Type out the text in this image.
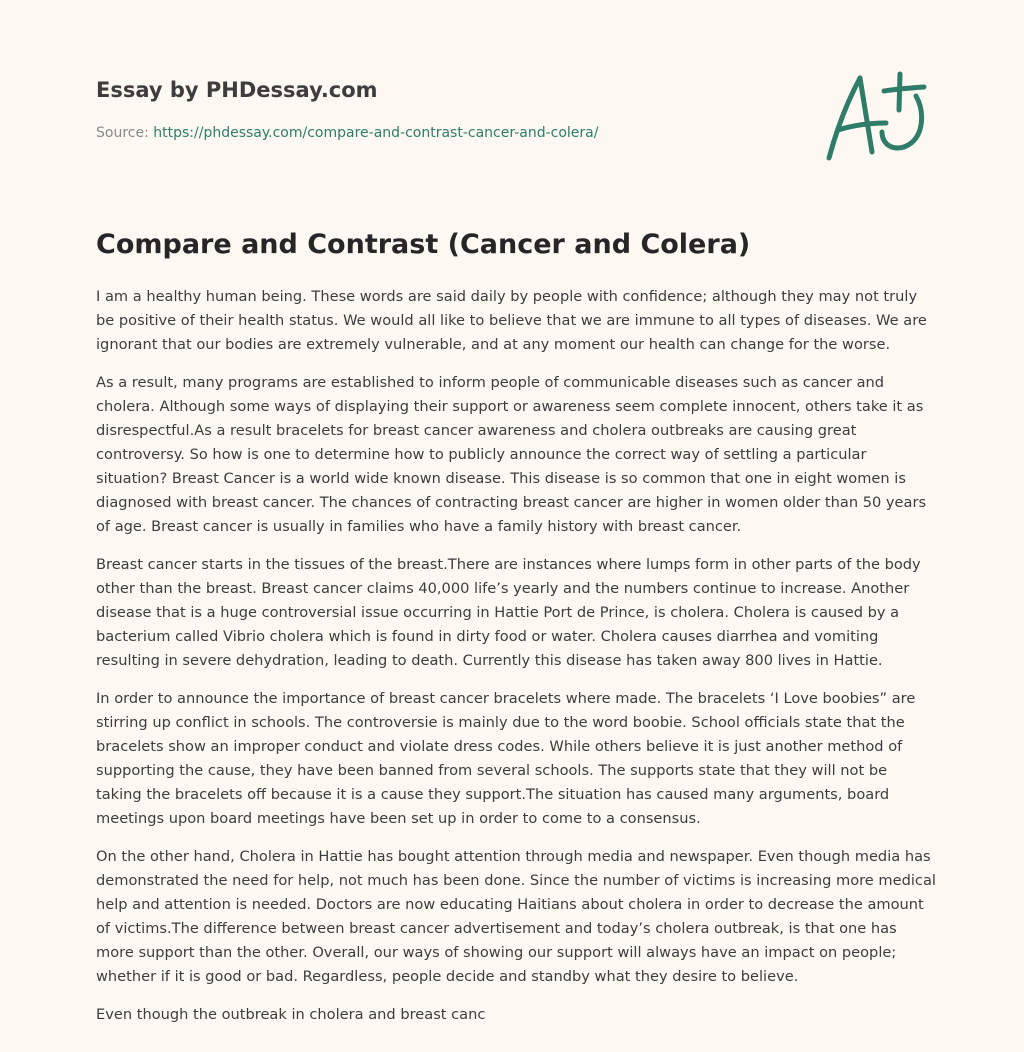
Essay by PHDessay.com
Source: https://phdessay.com/compare-and-contrast-cancer-and-colera/
Compare and Contrast (Cancer and Colera)

I am a healthy human being. These words are said daily by people with confidence; although they may not truly be positive of their health status. We would all like to believe that we are immune to all types of diseases. We are ignorant that our bodies are extremely vulnerable, and at any moment our health can change for the worse.

As a result, many programs are established to inform people of communicable diseases such as cancer and cholera. Although some ways of displaying their support or awareness seem complete innocent, others take it as disrespectful.As a result bracelets for breast cancer awareness and cholera outbreaks are causing great controversy. So how is one to determine how to publicly announce the correct way of settling a particular situation? Breast Cancer is a world wide known disease. This disease is so common that one in eight women is diagnosed with breast cancer. The chances of contracting breast cancer are higher in women older than 50 years of age. Breast cancer is usually in families who have a family history with breast cancer.

Breast cancer starts in the tissues of the breast.There are instances where lumps form in other parts of the body other than the breast. Breast cancer claims 40,000 life’s yearly and the numbers continue to increase. Another disease that is a huge controversial issue occurring in Hattie Port de Prince, is cholera. Cholera is caused by a bacterium called Vibrio cholera which is found in dirty food or water. Cholera causes diarrhea and vomiting resulting in severe dehydration, leading to death. Currently this disease has taken away 800 lives in Hattie.

In order to announce the importance of breast cancer bracelets where made. The bracelets ‘I Love boobies” are stirring up conflict in schools. The controversie is mainly due to the word boobie. School officials state that the bracelets show an improper conduct and violate dress codes. While others believe it is just another method of supporting the cause, they have been banned from several schools. The supports state that they will not be taking the bracelets off because it is a cause they support.The situation has caused many arguments, board meetings upon board meetings have been set up in order to come to a consensus.

On the other hand, Cholera in Hattie has bought attention through media and newspaper. Even though media has demonstrated the need for help, not much has been done. Since the number of victims is increasing more medical help and attention is needed. Doctors are now educating Haitians about cholera in order to decrease the amount of victims.The difference between breast cancer advertisement and today’s cholera outbreak, is that one has more support than the other. Overall, our ways of showing our support will always have an impact on people; whether if it is good or bad. Regardless, people decide and standby what they desire to believe.

Even though the outbreak in cholera and breast canc
